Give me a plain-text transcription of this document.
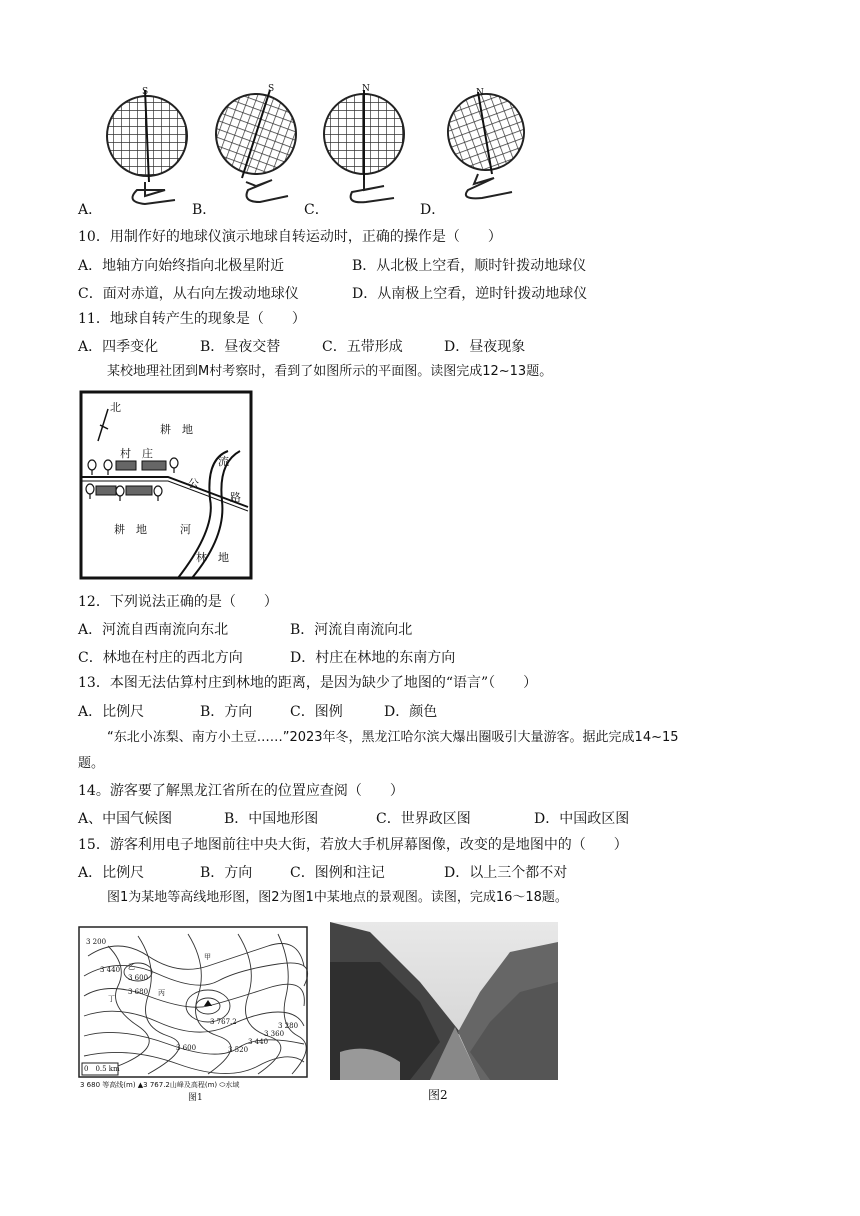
S	S	N	N
A．	B．	C．	D．
10．用制作好的地球仪演示地球自转运动时，正确的操作是（　　）
A．地轴方向始终指向北极星附近	B．从北极上空看，顺时针拨动地球仪
C．面对赤道，从右向左拨动地球仪	D．从南极上空看，逆时针拨动地球仪
11．地球自转产生的现象是（　　）
A．四季变化	B．昼夜交替	C．五带形成	D．昼夜现象
某校地理社团到M村考察时，看到了如图所示的平面图。读图完成12~13题。
北
耕　地
村　庄
流
公
路
耕　地	河
林　地
12．下列说法正确的是（　　）
A．河流自西南流向东北	B．河流自南流向北
C．林地在村庄的西北方向	D．村庄在林地的东南方向
13．本图无法估算村庄到林地的距离，是因为缺少了地图的“语言”（　　）
A．比例尺	B．方向	C．图例	D．颜色
“东北小冻梨、南方小土豆……”2023年冬，黑龙江哈尔滨大爆出圈吸引大量游客。据此完成14~15
题。
14。游客要了解黑龙江省所在的位置应查阅（　　）
A、中国气候图	B．中国地形图	C．世界政区图	D．中国政区图
15．游客利用电子地图前往中央大街，若放大手机屏幕图像，改变的是地图中的（　　）
A．比例尺	B．方向	C．图例和注记	D．以上三个都不对
图1为某地等高线地形图，图2为图1中某地点的景观图。读图，完成16～18题。
3 200
3 440
3 600
3 680
3 767.2
3 600	3 520
3 440
3 360
3 280
甲
乙
丙
丁
0　0.5 km
3 680 等高线(m) ▲3 767.2山峰及高程(m) ⬭水域
图1	图2
